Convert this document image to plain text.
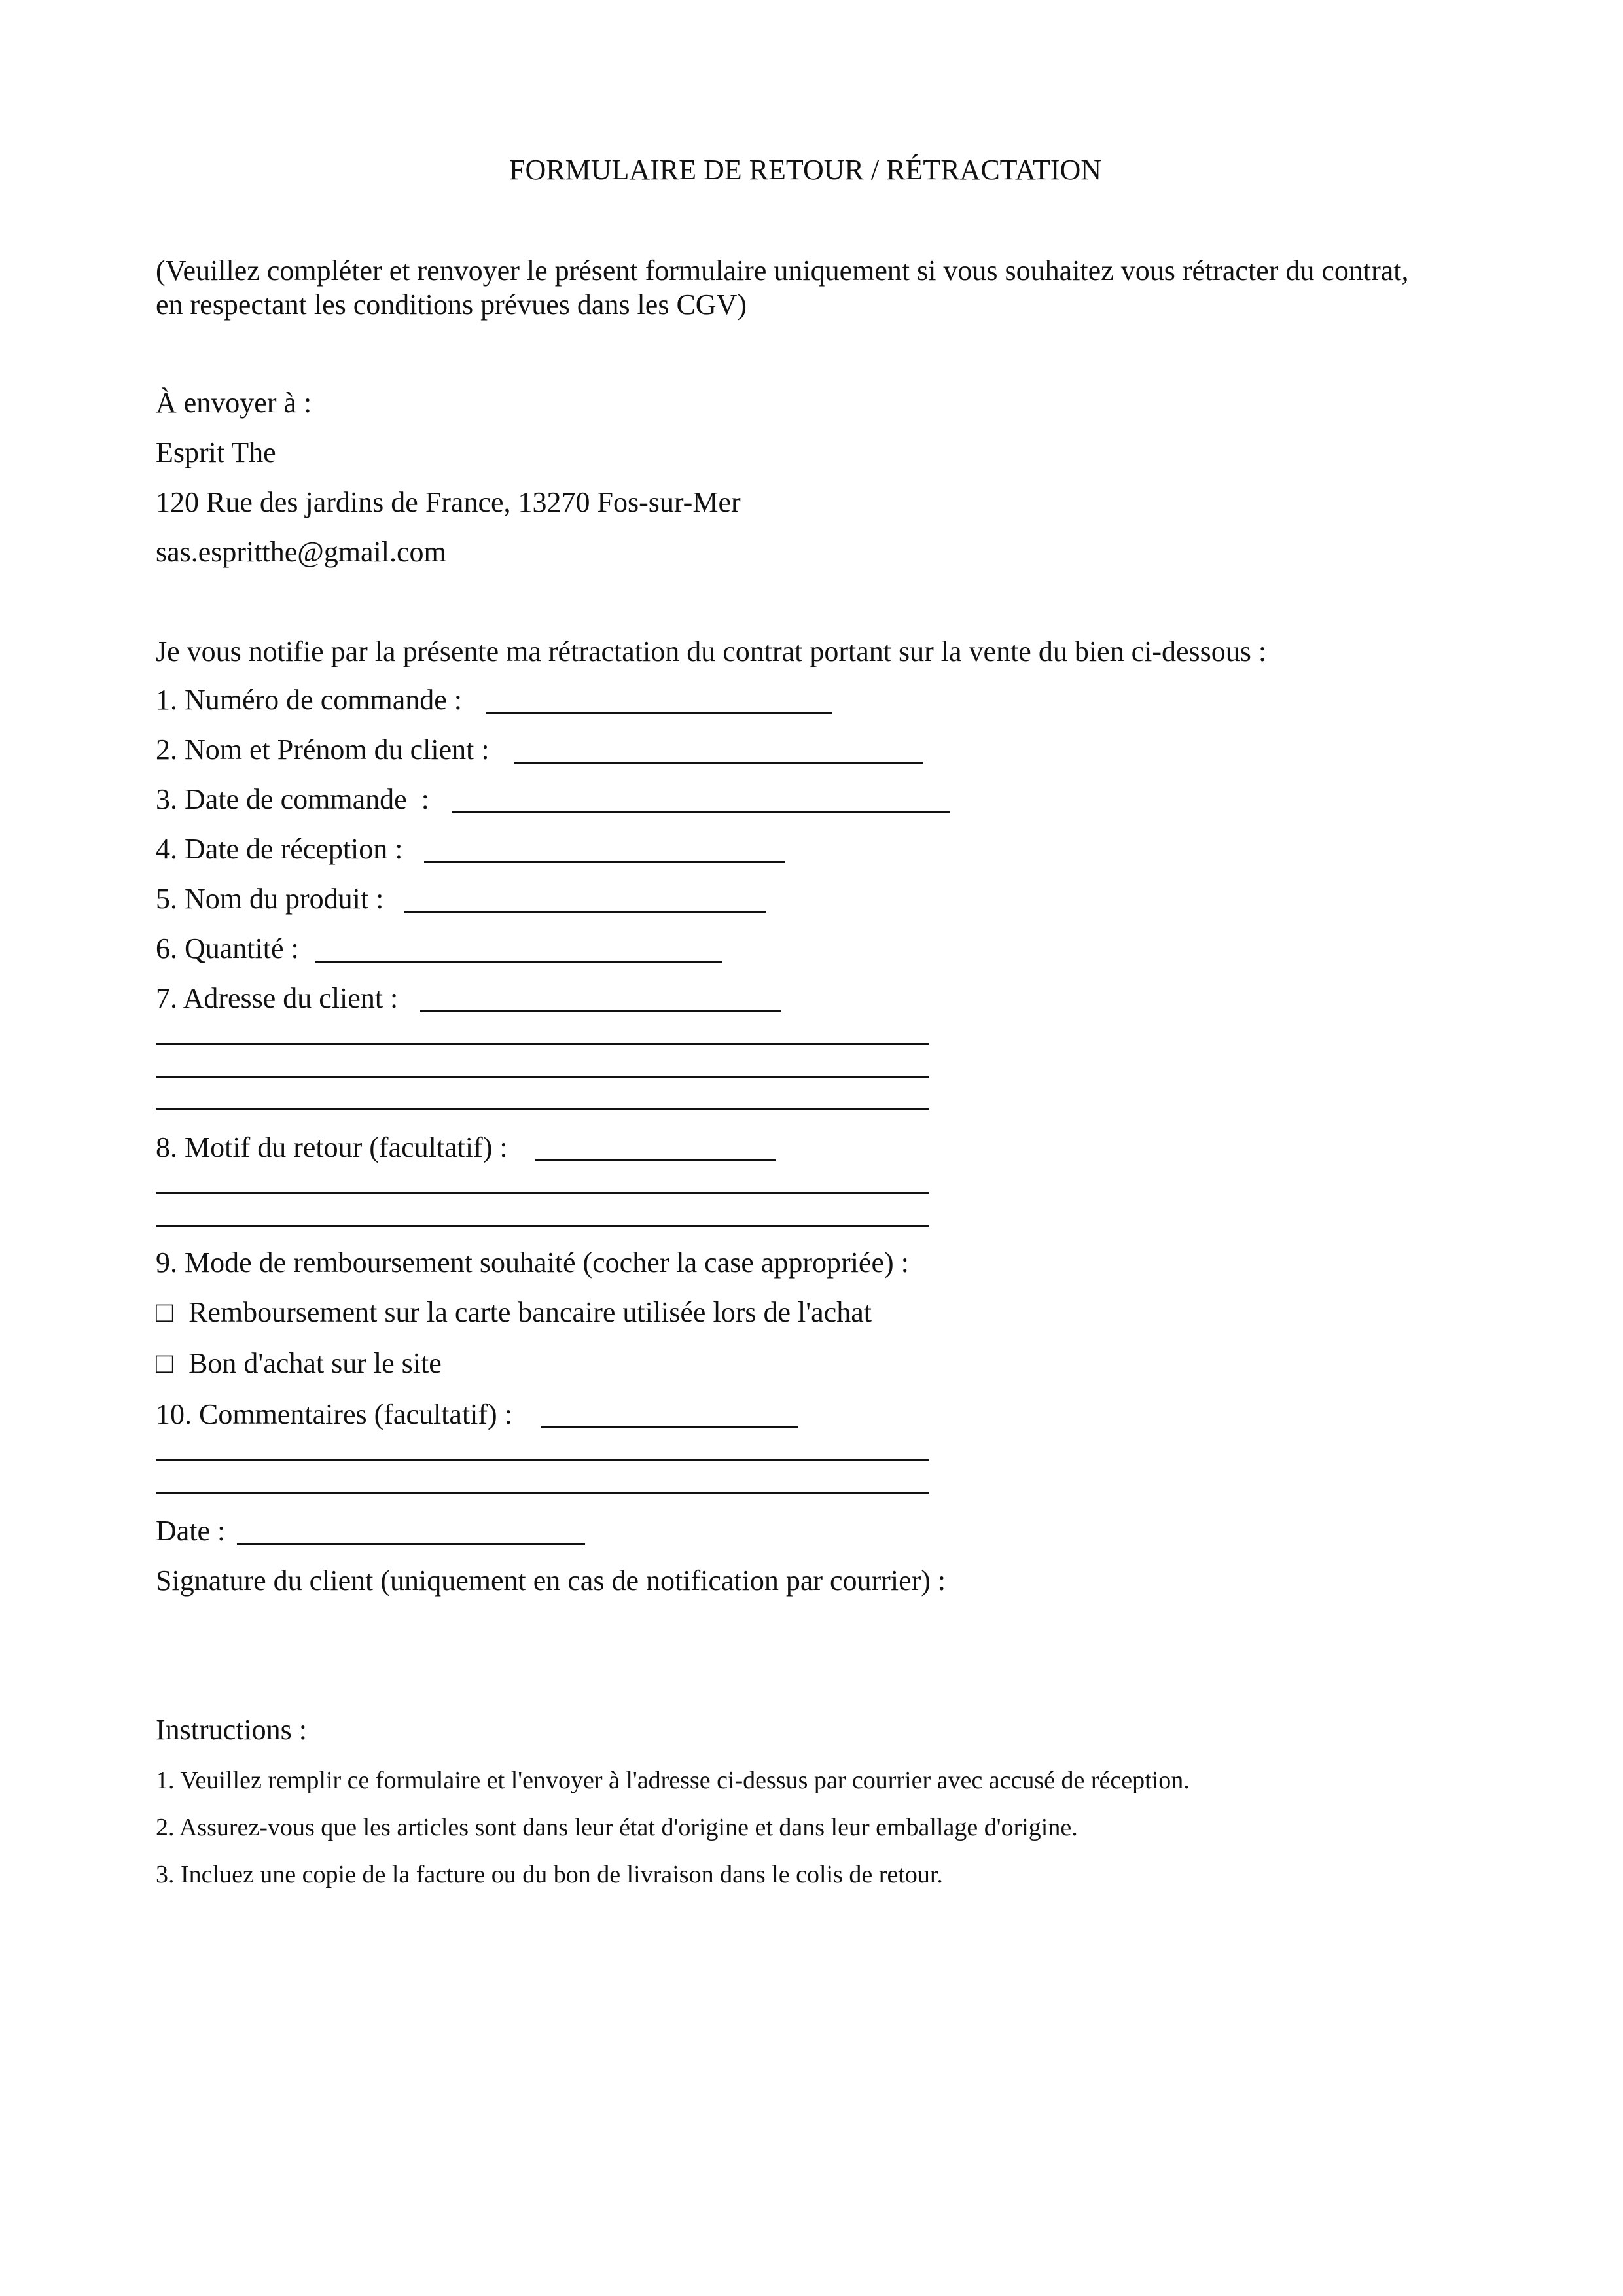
FORMULAIRE DE RETOUR / RÉTRACTATION
(Veuillez compléter et renvoyer le présent formulaire uniquement si vous souhaitez vous rétracter du contrat,
en respectant les conditions prévues dans les CGV)
À envoyer à :
Esprit The
120 Rue des jardins de France, 13270 Fos-sur-Mer
sas.espritthe@gmail.com
Je vous notifie par la présente ma rétractation du contrat portant sur la vente du bien ci-dessous :
1. Numéro de commande :
2. Nom et Prénom du client :
3. Date de commande  :
4. Date de réception :
5. Nom du produit :
6. Quantité :
7. Adresse du client :
8. Motif du retour (facultatif) :
9. Mode de remboursement souhaité (cocher la case appropriée) :
□ Remboursement sur la carte bancaire utilisée lors de l'achat
□ Bon d'achat sur le site
10. Commentaires (facultatif) :
Date :
Signature du client (uniquement en cas de notification par courrier) :
Instructions :
1. Veuillez remplir ce formulaire et l'envoyer à l'adresse ci-dessus par courrier avec accusé de réception.
2. Assurez-vous que les articles sont dans leur état d'origine et dans leur emballage d'origine.
3. Incluez une copie de la facture ou du bon de livraison dans le colis de retour.
